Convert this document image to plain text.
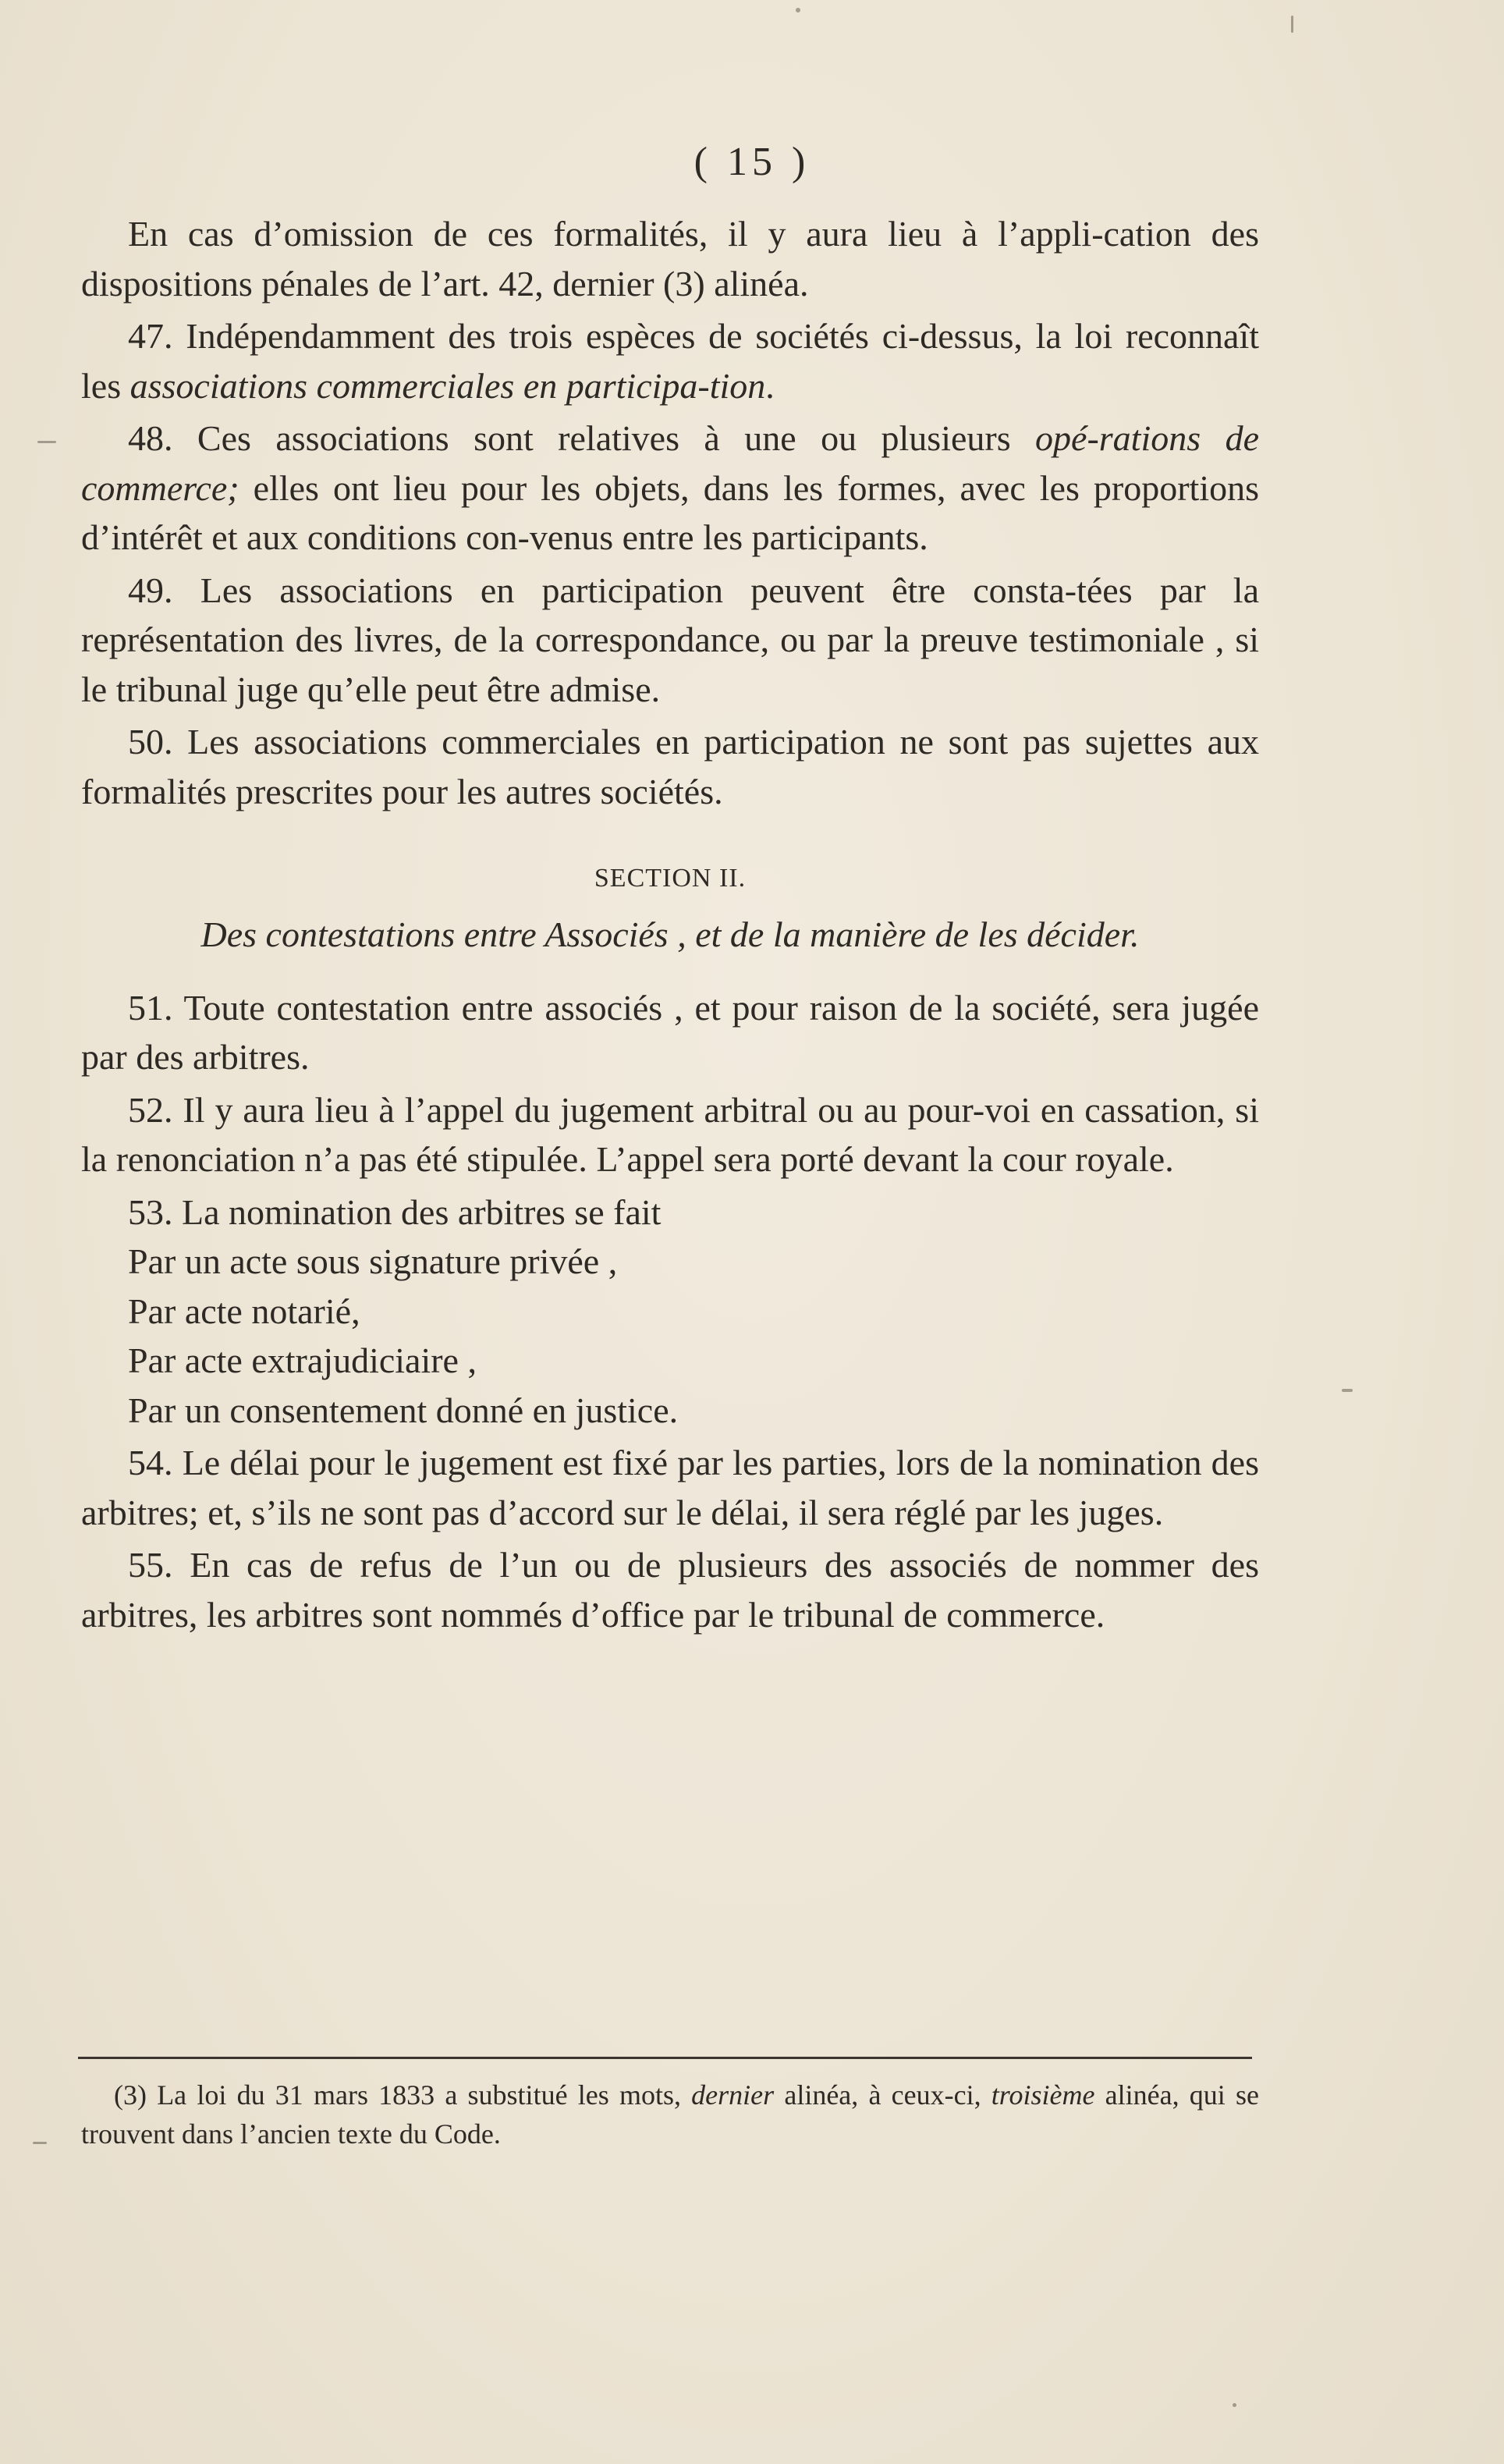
( 15 )

En cas d’omission de ces formalités, il y aura lieu à l’appli-cation des dispositions pénales de l’art. 42, dernier (3) alinéa.

47. Indépendamment des trois espèces de sociétés ci-dessus, la loi reconnaît les associations commerciales en participa-tion.

48. Ces associations sont relatives à une ou plusieurs opé-rations de commerce; elles ont lieu pour les objets, dans les formes, avec les proportions d’intérêt et aux conditions con-venus entre les participants.

49. Les associations en participation peuvent être consta-tées par la représentation des livres, de la correspondance, ou par la preuve testimoniale , si le tribunal juge qu’elle peut être admise.

50. Les associations commerciales en participation ne sont pas sujettes aux formalités prescrites pour les autres sociétés.

SECTION II.
Des contestations entre Associés , et de la manière de les décider.

51. Toute contestation entre associés , et pour raison de la société, sera jugée par des arbitres.

52. Il y aura lieu à l’appel du jugement arbitral ou au pour-voi en cassation, si la renonciation n’a pas été stipulée. L’appel sera porté devant la cour royale.

53. La nomination des arbitres se fait

Par un acte sous signature privée ,

Par acte notarié,

Par acte extrajudiciaire ,

Par un consentement donné en justice.

54. Le délai pour le jugement est fixé par les parties, lors de la nomination des arbitres; et, s’ils ne sont pas d’accord sur le délai, il sera réglé par les juges.

55. En cas de refus de l’un ou de plusieurs des associés de nommer des arbitres, les arbitres sont nommés d’office par le tribunal de commerce.

(3) La loi du 31 mars 1833 a substitué les mots, dernier alinéa, à ceux-ci, troisième alinéa, qui se trouvent dans l’ancien texte du Code.
